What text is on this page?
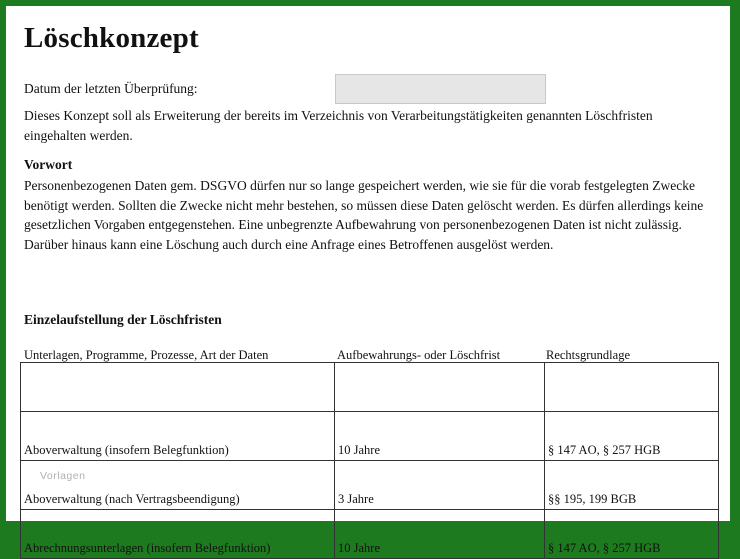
Löschkonzept
Datum der letzten Überprüfung:
Dieses Konzept soll als Erweiterung der bereits im Verzeichnis von Verarbeitungstätigkeiten genannten Löschfristen eingehalten werden.
Vorwort
Personenbezogenen Daten gem. DSGVO dürfen nur so lange gespeichert werden, wie sie für die vorab festgelegten Zwecke benötigt werden. Sollten die Zwecke nicht mehr bestehen, so müssen diese Daten gelöscht werden. Es dürfen allerdings keine gesetzlichen Vorgaben entgegenstehen. Eine unbegrenzte Aufbewahrung von personenbezogenen Daten ist nicht zulässig. Darüber hinaus kann eine Löschung auch durch eine Anfrage eines Betroffenen ausgelöst werden.
Einzelaufstellung der Löschfristen
Unterlagen, Programme, Prozesse, Art der Daten	Aufbewahrungs- oder Löschfrist	Rechtsgrundlage

Aboverwaltung (insofern Belegfunktion)	10 Jahre	§ 147 AO, § 257 HGB
Aboverwaltung (nach Vertragsbeendigung)	3 Jahre	§§ 195, 199 BGB
Abrechnungsunterlagen (insofern Belegfunktion)	10 Jahre	§ 147 AO, § 257 HGB
Vorlagen
